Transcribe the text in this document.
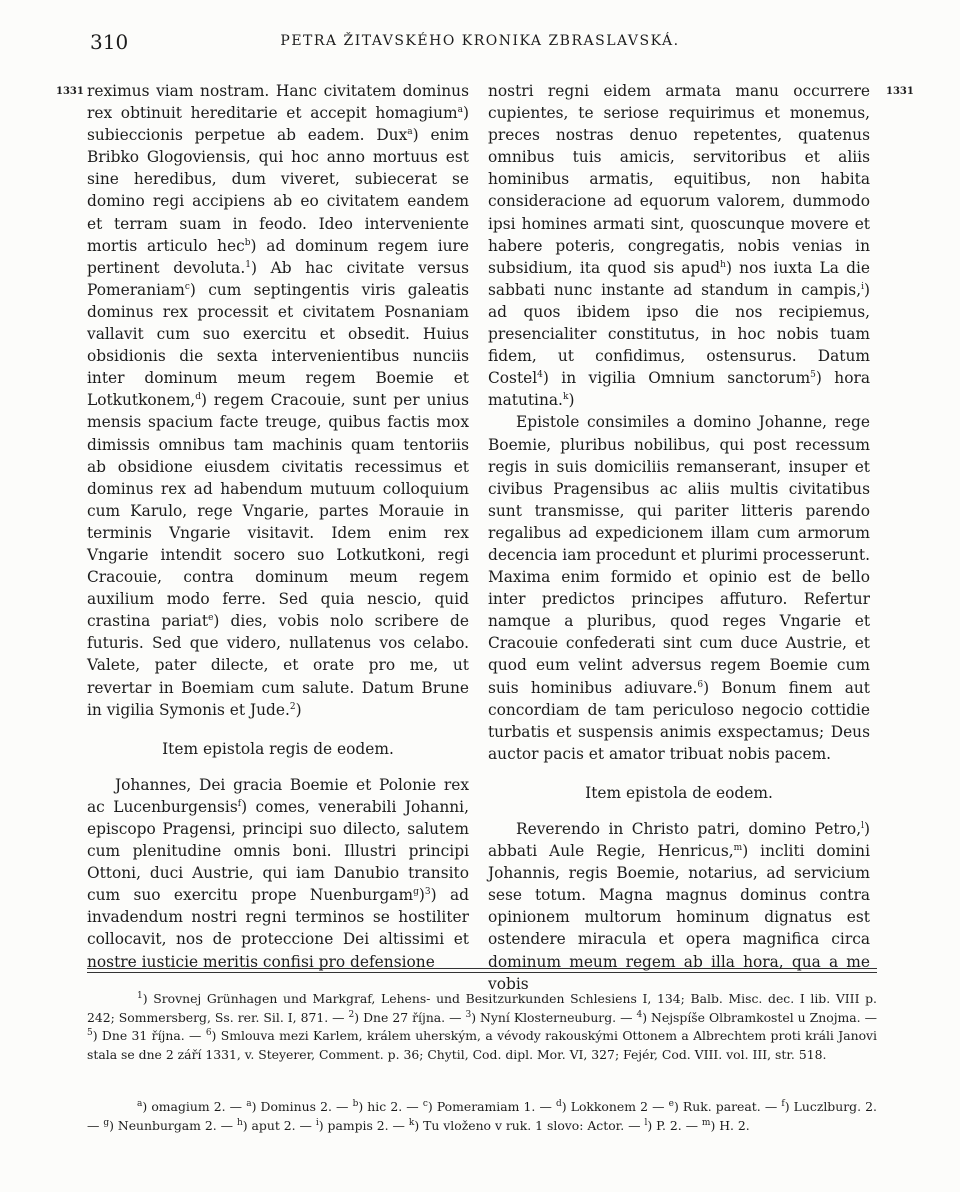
310	PETRA ŽITAVSKÉHO KRONIKA ZBRASLAVSKÁ.
1331	1331

reximus viam nostram. Hanc civitatem dominus rex obtinuit hereditarie et accepit homagium$^a$) subieccionis perpetue ab eadem. Dux$^a$) enim Bribko Glogoviensis, qui hoc anno mortuus est sine heredibus, dum viveret, subiecerat se domino regi accipiens ab eo civitatem eandem et terram suam in feodo. Ideo interveniente mortis articulo hec$^b$) ad dominum regem iure pertinent devoluta.$^1$) Ab hac civitate versus Pomeraniam$^c$) cum septingentis viris galeatis dominus rex processit et civitatem Posnaniam vallavit cum suo exercitu et obsedit. Huius obsidionis die sexta intervenientibus nunciis inter dominum meum regem Boemie et Lotkutkonem,$^d$) regem Cracouie, sunt per unius mensis spacium facte treuge, quibus factis mox dimissis omnibus tam machinis quam tentoriis ab obsidione eiusdem civitatis recessimus et dominus rex ad habendum mutuum colloquium cum Karulo, rege Vngarie, partes Morauie in terminis Vngarie visitavit. Idem enim rex Vngarie intendit socero suo Lotkutkoni, regi Cracouie, contra dominum meum regem auxilium modo ferre. Sed quia nescio, quid crastina pariat$^e$) dies, vobis nolo scribere de futuris. Sed que videro, nullatenus vos celabo. Valete, pater dilecte, et orate pro me, ut revertar in Boemiam cum salute. Datum Brune in vigilia Symonis et Jude.$^2$)

Item epistola regis de eodem.

Johannes, Dei gracia Boemie et Polonie rex ac Lucenburgensis$^f$) comes, venerabili Johanni, episcopo Pragensi, principi suo dilecto, salutem cum plenitudine omnis boni. Illustri principi Ottoni, duci Austrie, qui iam Danubio transito cum suo exercitu prope Nuenburgam$^g$)$^3$) ad invadendum nostri regni terminos se hostiliter collocavit, nos de proteccione Dei altissimi et nostre iusticie meritis confisi pro defensione

nostri regni eidem armata manu occurrere cupientes, te seriose requirimus et monemus, preces nostras denuo repetentes, quatenus omnibus tuis amicis, servitoribus et aliis hominibus armatis, equitibus, non habita consideracione ad equorum valorem, dummodo ipsi homines armati sint, quoscunque movere et habere poteris, congregatis, nobis venias in subsidium, ita quod sis apud$^h$) nos iuxta La die sabbati nunc instante ad standum in campis,$^i$) ad quos ibidem ipso die nos recipiemus, presencialiter constitutus, in hoc nobis tuam fidem, ut confidimus, ostensurus. Datum Costel$^4$) in vigilia Omnium sanctorum$^5$) hora matutina.$^k$)

Epistole consimiles a domino Johanne, rege Boemie, pluribus nobilibus, qui post recessum regis in suis domiciliis remanserant, insuper et civibus Pragensibus ac aliis multis civitatibus sunt transmisse, qui pariter litteris parendo regalibus ad expedicionem illam cum armorum decencia iam procedunt et plurimi processerunt. Maxima enim formido et opinio est de bello inter predictos principes affuturo. Refertur namque a pluribus, quod reges Vngarie et Cracouie confederati sint cum duce Austrie, et quod eum velint adversus regem Boemie cum suis hominibus adiuvare.$^6$) Bonum finem aut concordiam de tam periculoso negocio cottidie turbatis et suspensis animis exspectamus; Deus auctor pacis et amator tribuat nobis pacem.

Item epistola de eodem.

Reverendo in Christo patri, domino Petro,$^l$) abbati Aule Regie, Henricus,$^m$) incliti domini Johannis, regis Boemie, notarius, ad servicium sese totum. Magna magnus dominus contra opinionem multorum hominum dignatus est ostendere miracula et opera magnifica circa dominum meum regem ab illa hora, qua a me vobis

$^1$) Srovnej Grünhagen und Markgraf, Lehens- und Besitzurkunden Schlesiens I, 134; Balb. Misc. dec. I lib. VIII p. 242; Sommersberg, Ss. rer. Sil. I, 871. — $^2$) Dne 27 října. — $^3$) Nyní Klosterneuburg. — $^4$) Nejspíše Olbramkostel u Znojma. — $^5$) Dne 31 října. — $^6$) Smlouva mezi Karlem, králem uherským, a vévody rakouskými Ottonem a Albrechtem proti králi Janovi stala se dne 2 září 1331, v. Steyerer, Comment. p. 36; Chytil, Cod. dipl. Mor. VI, 327; Fejér, Cod. VIII. vol. III, str. 518.

$^a$) omagium 2. — $^a$) Dominus 2. — $^b$) hic 2. — $^c$) Pomeramiam 1. — $^d$) Lokkonem 2 — $^e$) Ruk. pareat. — $^f$) Luczlburg. 2. — $^g$) Neunburgam 2. — $^h$) aput 2. — $^i$) pampis 2. — $^k$) Tu vloženo v ruk. 1 slovo: Actor. — $^l$) P. 2. — $^m$) H. 2.
